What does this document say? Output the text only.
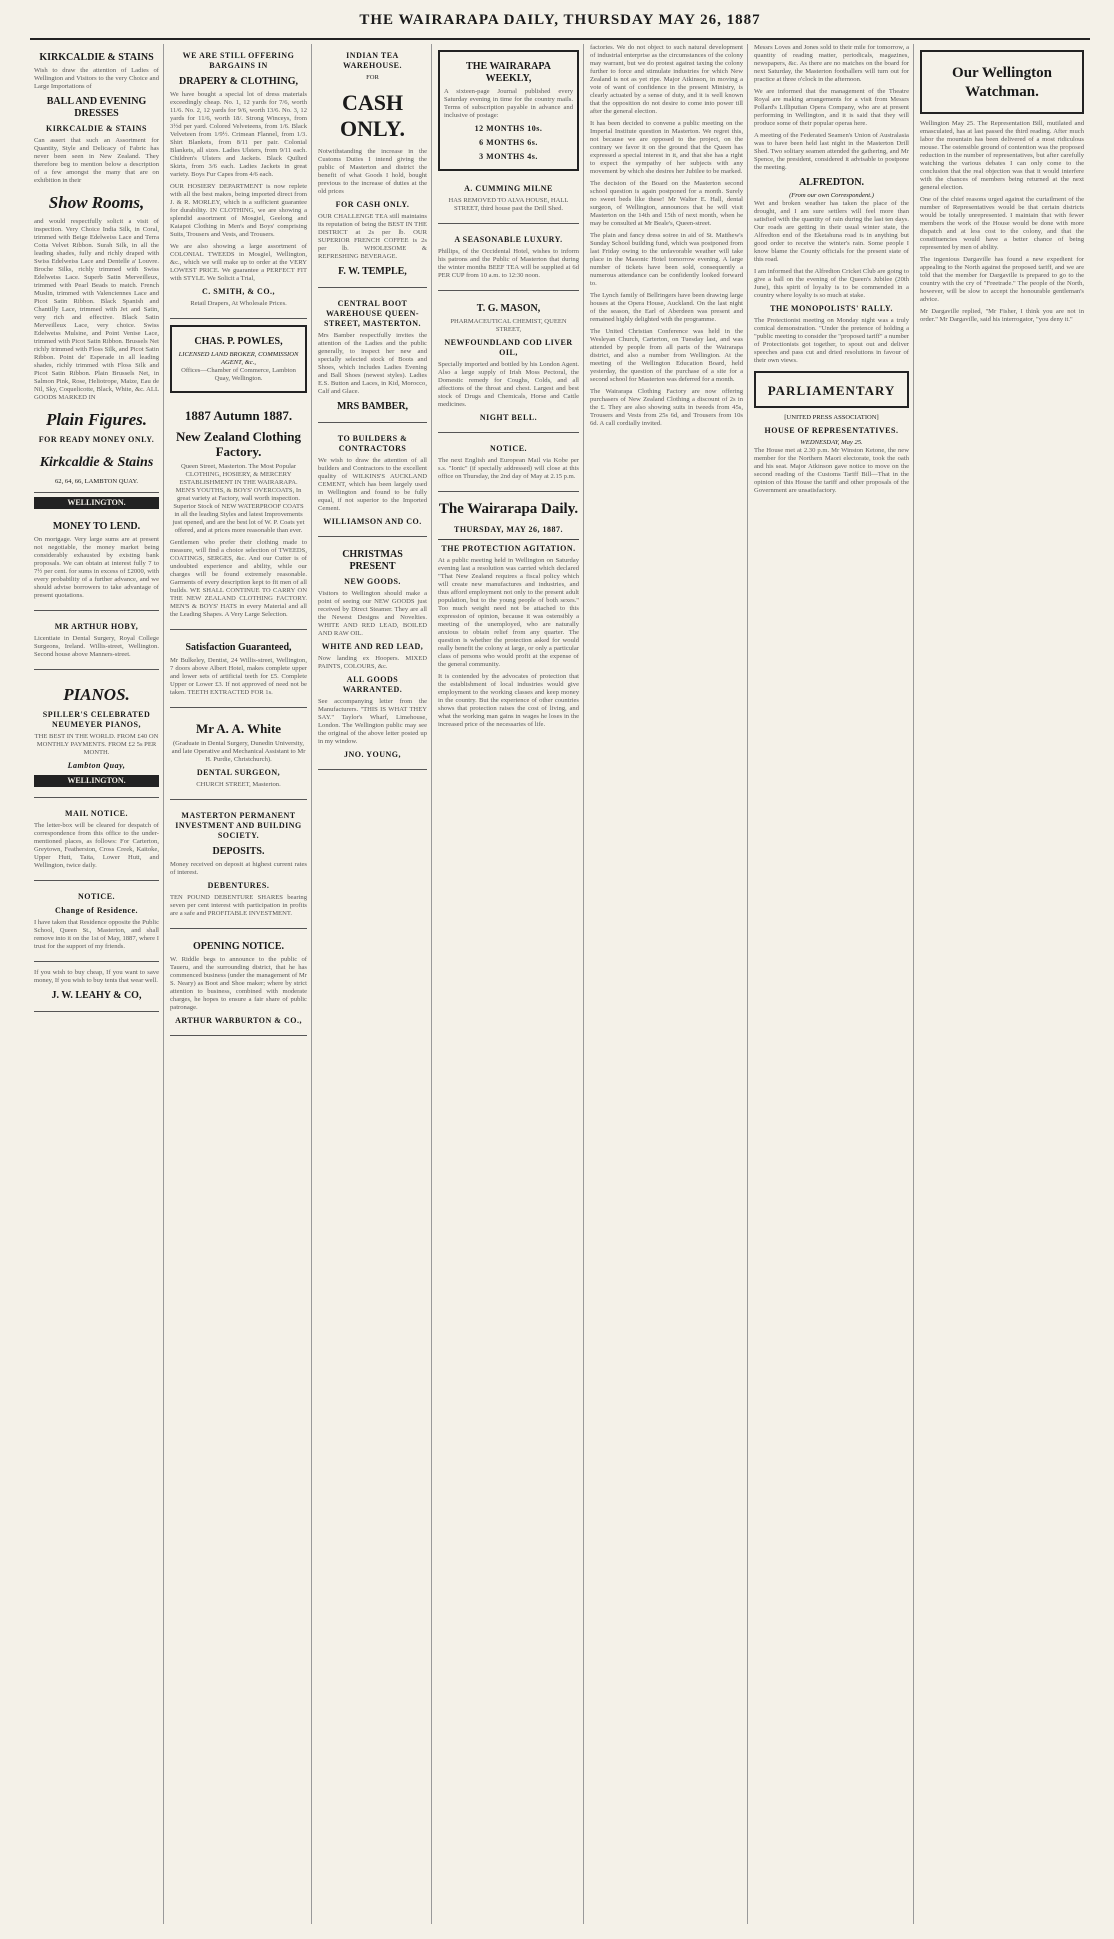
THE WAIRARAPA DAILY, THURSDAY MAY 26, 1887
KIRKCALDIE & STAINS

Wish to draw the attention of Ladies of Wellington and Visitors to the very Choice and Large Importations of

BALL AND EVENING DRESSES
KIRKCALDIE & STAINS

Can assert that such an Assortment for Quantity, Style and Delicacy of Fabric has never been seen in New Zealand. They therefore beg to mention below a description of a few amongst the many that are on exhibition in their

Show Rooms,

and would respectfully solicit a visit of inspection. Very Choice India Silk, in Coral, trimmed with Beige Edelweiss Lace and Terra Cotta Velvet Ribbon. Surah Silk, in all the leading shades, fully and richly draped with Swiss Edelweiss Lace and Dentelle a' Louvre. Broche Silks, richly trimmed with Swiss Edelweiss Lace. Superb Satin Merveilleux, trimmed with Pearl Beads to match. French Muslin, trimmed with Valenciennes Lace and Picot Satin Ribbon. Black Spanish and Chantilly Lace, trimmed with Jet and Satin, very rich and effective. Black Satin Merveilleux Lace, very choice. Swiss Edelweiss Mulsine, and Point Venise Lace, trimmed with Picot Satin Ribbon. Brussels Net richly trimmed with Floss Silk, and Picot Satin Ribbon. Point de' Esperade in all leading shades, richly trimmed with Floss Silk and Picot Satin Ribbon. Plain Brussels Net, in Salmon Pink, Rose, Heliotrope, Maize, Eau de Nil, Sky, Coquelicotte, Black, White, &c. ALL GOODS MARKED IN

Plain Figures.
FOR READY MONEY ONLY.
Kirkcaldie & Stains
62, 64, 66, LAMBTON QUAY.
WELLINGTON.
MONEY TO LEND.

On mortgage. Very large sums are at present not negotiable, the money market being considerably exhausted by existing bank proposals. We can obtain at interest fully 7 to 7½ per cent. for sums in excess of £2000, with every probability of a further advance, and we should advise borrowers to take advantage of present quotations.

MR ARTHUR HOBY,

Licentiate in Dental Surgery, Royal College Surgeons, Ireland. Willis-street, Wellington. Second house above Manners-street.

PIANOS.
SPILLER'S CELEBRATED NEUMEYER PIANOS,

THE BEST IN THE WORLD. FROM £40 ON MONTHLY PAYMENTS. FROM £2 5s PER MONTH.

Lambton Quay,
WELLINGTON.
MAIL NOTICE.

The letter-box will be cleared for despatch of correspondence from this office to the under-mentioned places, as follows: For Carterton, Greytown, Featherston, Cross Creek, Kaitoke, Upper Hutt, Taita, Lower Hutt, and Wellington, twice daily.

NOTICE.
Change of Residence.

I have taken that Residence opposite the Public School, Queen St., Masterton, and shall remove into it on the 1st of May, 1887, where I trust for the support of my friends.

If you wish to buy cheap, If you want to save money, If you wish to buy tents that wear well.

J. W. LEAHY & CO,
WE ARE STILL OFFERING BARGAINS IN
DRAPERY & CLOTHING,

We have bought a special lot of dress materials exceedingly cheap. No. 1, 12 yards for 7/6, worth 11/6. No. 2, 12 yards for 9/6, worth 13/6. No. 3, 12 yards for 11/6, worth 18/. Strong Winceys, from 3½d per yard. Colored Velveteens, from 1/6. Black Velveteen from 1/9½. Crimean Flannel, from 1/3. Shirt Blankets, from 8/11 per pair. Colonial Blankets, all sizes. Ladies Ulsters, from 9/11 each. Children's Ulsters and Jackets. Black Quilted Skirts, from 3/6 each. Ladies Jackets in great variety. Boys Fur Capes from 4/6 each.

OUR HOSIERY DEPARTMENT is now replete with all the best makes, being imported direct from J. & R. MORLEY, which is a sufficient guarantee for durability. IN CLOTHING, we are showing a splendid assortment of Mosgiel, Geelong and Kaiapoi Clothing in Men's and Boys' comprising Suits, Trousers and Vests, and Trousers.

We are also showing a large assortment of COLONIAL TWEEDS in Mosgiel, Wellington, &c., which we will make up to order at the VERY LOWEST PRICE. We guarantee a PERFECT FIT with STYLE. We Solicit a Trial,

C. SMITH, & CO.,

Retail Drapers, At Wholesale Prices.

CHAS. P. POWLES,
LICENSED LAND BROKER, COMMISSION AGENT, &c.,

Offices—Chamber of Commerce, Lambton Quay, Wellington.

1887 Autumn 1887.
New Zealand Clothing Factory.

Queen Street, Masterton. The Most Popular CLOTHING, HOSIERY, & MERCERY ESTABLISHMENT IN THE WAIRARAPA. MEN'S YOUTHS, & BOYS' OVERCOATS, In great variety at Factory, wall worth inspection. Superior Stock of NEW WATERPROOF COATS in all the leading Styles and latest Improvements just opened, and are the best lot of W. P. Coats yet offered, and at prices more reasonable than ever.

Gentlemen who prefer their clothing made to measure, will find a choice selection of TWEEDS, COATINGS, SERGES, &c. And our Cutter is of undoubted experience and ability, while our charges will be found extremely reasonable. Garments of every description kept to fit men of all builds. WE SHALL CONTINUE TO CARRY ON THE NEW ZEALAND CLOTHING FACTORY. MEN'S & BOYS' HATS in every Material and all the Leading Shapes. A Very Large Selection.

Satisfaction Guaranteed,

Mr Bulkeley, Dentist, 24 Willis-street, Wellington, 7 doors above Albert Hotel, makes complete upper and lower sets of artificial teeth for £5. Complete Upper or Lower £3. If not approved of need not be taken. TEETH EXTRACTED FOR 1s.

Mr A. A. White

(Graduate in Dental Surgery, Dunedin University, and late Operative and Mechanical Assistant to Mr H. Purdie, Christchurch).

DENTAL SURGEON,

CHURCH STREET, Masterton.

MASTERTON PERMANENT INVESTMENT AND BUILDING SOCIETY.
DEPOSITS.

Money received on deposit at highest current rates of interest.

DEBENTURES.

TEN POUND DEBENTURE SHARES bearing seven per cent interest with participation in profits are a safe and PROFITABLE INVESTMENT.

OPENING NOTICE.

W. Riddle begs to announce to the public of Taueru, and the surrounding district, that he has commenced business (under the management of Mr S. Neary) as Boot and Shoe maker; where by strict attention to business, combined with moderate charges, he hopes to ensure a fair share of public patronage.

ARTHUR WARBURTON & CO.,
INDIAN TEA WAREHOUSE.
FOR
CASH ONLY.

Notwithstanding the increase in the Customs Duties I intend giving the public of Masterton and district the benefit of what Goods I hold, bought previous to the increase of duties at the old prices

FOR CASH ONLY.

OUR CHALLENGE TEA still maintains its reputation of being the BEST IN THE DISTRICT at 2s per lb. OUR SUPERIOR FRENCH COFFEE is 2s per lb. WHOLESOME & REFRESHING BEVERAGE.

F. W. TEMPLE,
CENTRAL BOOT WAREHOUSE QUEEN-STREET, MASTERTON.

Mrs Bamber respectfully invites the attention of the Ladies and the public generally, to inspect her new and specially selected stock of Boots and Shoes, which includes Ladies Evening and Ball Shoes (newest styles). Ladies E.S. Button and Laces, in Kid, Morocco, Calf and Glace.

MRS BAMBER,
TO BUILDERS & CONTRACTORS

We wish to draw the attention of all builders and Contractors to the excellent quality of WILKINS'S AUCKLAND CEMENT, which has been largely used in Wellington and found to be fully equal, if not superior to the Imported Cement.

WILLIAMSON AND CO.
CHRISTMAS PRESENT
NEW GOODS.

Visitors to Wellington should make a point of seeing our NEW GOODS just received by Direct Steamer. They are all the Newest Designs and Novelties. WHITE AND RED LEAD, BOILED AND RAW OIL.

WHITE AND RED LEAD,

Now landing ex Hoopers. MIXED PAINTS, COLOURS, &c.

ALL GOODS WARRANTED.

See accompanying letter from the Manufacturers. "THIS IS WHAT THEY SAY." Taylor's Wharf, Limehouse, London. The Wellington public may see the original of the above letter posted up in my window.

JNO. YOUNG,
THE WAIRARAPA WEEKLY,

A sixteen-page Journal published every Saturday evening in time for the country mails. Terms of subscription payable in advance and inclusive of postage:

12 MONTHS 10s.
6 MONTHS 6s.
3 MONTHS 4s.
A. CUMMING MILNE

HAS REMOVED TO ALVA HOUSE, HALL STREET, third house past the Drill Shed.

A SEASONABLE LUXURY.

Phillips, of the Occidental Hotel, wishes to inform his patrons and the Public of Masterton that during the winter months BEEF TEA will be supplied at 6d PER CUP from 10 a.m. to 12:30 noon.

T. G. MASON,

PHARMACEUTICAL CHEMIST, QUEEN STREET,

NEWFOUNDLAND COD LIVER OIL,

Specially imported and bottled by his London Agent. Also a large supply of Irish Moss Pectoral, the Domestic remedy for Coughs, Colds, and all affections of the throat and chest. Largest and best stock of Drugs and Chemicals, Horse and Cattle medicines.

NIGHT BELL.
NOTICE.

The next English and European Mail via Kobe per s.s. "Ionic" (if specially addressed) will close at this office on Thursday, the 2nd day of May at 2.15 p.m.

The Wairarapa Daily.
THURSDAY, MAY 26, 1887.
THE PROTECTION AGITATION.

At a public meeting held in Wellington on Saturday evening last a resolution was carried which declared "That New Zealand requires a fiscal policy which will create new manufactures and industries, and thus afford employment not only to the present adult population, but to the young people of both sexes." Too much weight need not be attached to this expression of opinion, because it was ostensibly a meeting of the unemployed, who are naturally anxious to obtain relief from any quarter. The question is whether the protection asked for would really benefit the colony at large, or only a particular class of persons who would profit at the expense of the general community.

It is contended by the advocates of protection that the establishment of local industries would give employment to the working classes and keep money in the country. But the experience of other countries shows that protection raises the cost of living, and what the working man gains in wages he loses in the increased price of the necessaries of life.

factories. We do not object to such natural development of industrial enterprise as the circumstances of the colony may warrant, but we do protest against taxing the colony further to force and stimulate industries for which New Zealand is not as yet ripe. Major Atkinson, in moving a vote of want of confidence in the present Ministry, is clearly actuated by a sense of duty, and it is well known that the opposition do not desire to come into power till after the general election.

It has been decided to convene a public meeting on the Imperial Institute question in Masterton. We regret this, not because we are opposed to the project, on the contrary we favor it on the ground that the Queen has expressed a special interest in it, and that she has a right to expect the sympathy of her subjects with any movement by which she desires her Jubilee to be marked.

The decision of the Board on the Masterton second school question is again postponed for a month. Surely no sweet beds like these! Mr Walter E. Hall, dental surgeon, of Wellington, announces that he will visit Masterton on the 14th and 15th of next month, when he may be consulted at Mr Beale's, Queen-street.

The plain and fancy dress soiree in aid of St. Matthew's Sunday School building fund, which was postponed from last Friday owing to the unfavorable weather will take place in the Masonic Hotel tomorrow evening. A large number of tickets have been sold, consequently a numerous attendance can be confidently looked forward to.

The Lynch family of Bellringers have been drawing large houses at the Opera House, Auckland. On the last night of the season, the Earl of Aberdeen was present and remained highly delighted with the programme.

The United Christian Conference was held in the Wesleyan Church, Carterton, on Tuesday last, and was attended by people from all parts of the Wairarapa district, and also a number from Wellington. At the meeting of the Wellington Education Board, held yesterday, the question of the purchase of a site for a second school for Masterton was deferred for a month.

The Wairarapa Clothing Factory are now offering purchasers of New Zealand Clothing a discount of 2s in the £. They are also showing suits in tweeds from 45s, Trousers and Vests from 25s 6d, and Trousers from 10s 6d. A call cordially invited.

Messrs Loves and Jones sold to their mile for tomorrow, a quantity of reading matter, periodicals, magazines, newspapers, &c. As there are no matches on the board for next Saturday, the Masterton footballers will turn out for practice at three o'clock in the afternoon.

We are informed that the management of the Theatre Royal are making arrangements for a visit from Messrs Pollard's Lilliputian Opera Company, who are at present performing in Wellington, and it is said that they will produce some of their popular operas here.

A meeting of the Federated Seamen's Union of Australasia was to have been held last night in the Masterton Drill Shed. Two solitary seamen attended the gathering, and Mr Spence, the president, considered it advisable to postpone the meeting.

ALFREDTON.
(From our own Correspondent.)

Wet and broken weather has taken the place of the drought, and I am sure settlers will feel more than satisfied with the quantity of rain during the last ten days. Our roads are getting in their usual winter state, the Alfredton end of the Eketahuna road is in anything but good order to receive the winter's rain. Some people I know blame the County officials for the present state of this road.

I am informed that the Alfredton Cricket Club are going to give a ball on the evening of the Queen's Jubilee (20th June), this spirit of loyalty is to be commended in a country where loyalty is so much at stake.

THE MONOPOLISTS' RALLY.

The Protectionist meeting on Monday night was a truly comical demonstration. "Under the pretence of holding a "public meeting to consider the "proposed tariff" a number of Protectionists got together, to spout out and deliver speeches and pass cut and dried resolutions in favour of their own views.

PARLIAMENTARY
[UNITED PRESS ASSOCIATION]
HOUSE OF REPRESENTATIVES.
WEDNESDAY, May 25.

The House met at 2.30 p.m. Mr Winston Ketone, the new member for the Northern Maori electorate, took the oath and his seat. Major Atkinson gave notice to move on the second reading of the Customs Tariff Bill—That in the opinion of this House the tariff and other proposals of the Government are unsatisfactory.

Our Wellington Watchman.

Wellington May 25. The Representation Bill, mutilated and emasculated, has at last passed the third reading. After much labor the mountain has been delivered of a most ridiculous mouse. The ostensible ground of contention was the proposed reduction in the number of representatives, but after carefully watching the various debates I can only come to the conclusion that the real objection was that it would interfere with the chances of members being returned at the next general election.

One of the chief reasons urged against the curtailment of the number of Representatives would be that certain districts would be totally unrepresented. I maintain that with fewer members the work of the House would be done with more dispatch and at less cost to the colony, and that the constituencies would have a better chance of being represented by men of ability.

The ingenious Dargaville has found a new expedient for appealing to the North against the proposed tariff, and we are told that the member for Dargaville is prepared to go to the country with the cry of "Freetrade." The people of the North, however, will be slow to accept the honourable gentleman's advice.

Mr Dargaville replied, "Mr Fisher, I think you are not in order." Mr Dargaville, said his interrogator, "you deny it."
